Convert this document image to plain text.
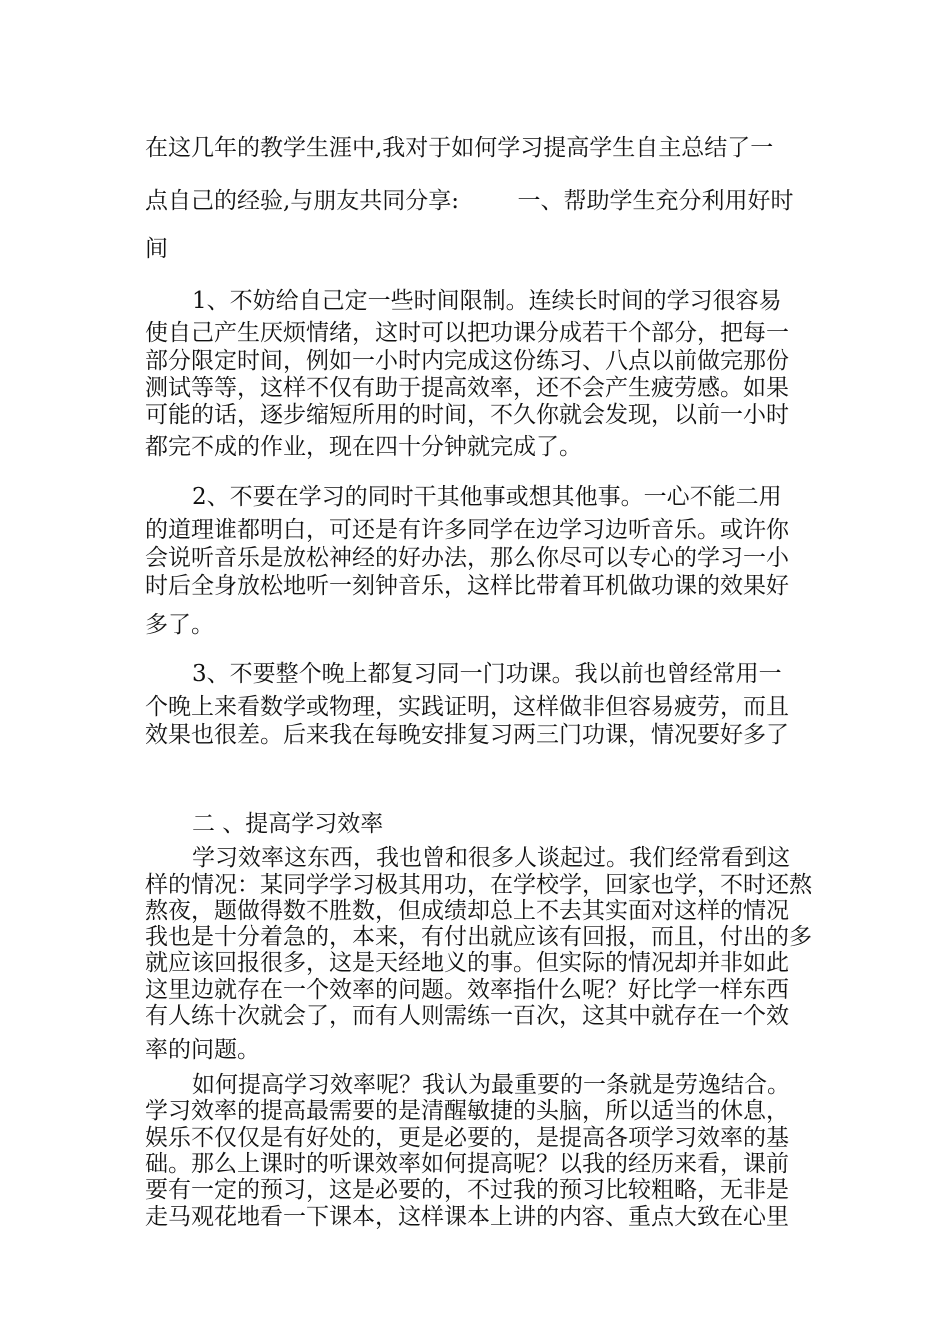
在这几年的教学生涯中,我对于如何学习提高学生自主总结了一
点自己的经验,与朋友共同分享:        一、帮助学生充分利用好时
间
1、不妨给自己定一些时间限制。连续长时间的学习很容易
使自己产生厌烦情绪，这时可以把功课分成若干个部分，把每一
部分限定时间，例如一小时内完成这份练习、八点以前做完那份
测试等等，这样不仅有助于提高效率，还不会产生疲劳感。如果
可能的话，逐步缩短所用的时间，不久你就会发现，以前一小时
都完不成的作业，现在四十分钟就完成了。
2、不要在学习的同时干其他事或想其他事。一心不能二用
的道理谁都明白，可还是有许多同学在边学习边听音乐。或许你
会说听音乐是放松神经的好办法，那么你尽可以专心的学习一小
时后全身放松地听一刻钟音乐，这样比带着耳机做功课的效果好
多了。
3、不要整个晚上都复习同一门功课。我以前也曾经常用一
个晚上来看数学或物理，实践证明，这样做非但容易疲劳，而且
效果也很差。后来我在每晚安排复习两三门功课，情况要好多了
二 、提高学习效率
学习效率这东西，我也曾和很多人谈起过。我们经常看到这
样的情况：某同学学习极其用功，在学校学，回家也学，不时还熬
熬夜，题做得数不胜数，但成绩却总上不去其实面对这样的情况
我也是十分着急的，本来，有付出就应该有回报，而且，付出的多
就应该回报很多，这是天经地义的事。但实际的情况却并非如此
这里边就存在一个效率的问题。效率指什么呢？好比学一样东西
有人练十次就会了，而有人则需练一百次，这其中就存在一个效
率的问题。
如何提高学习效率呢？我认为最重要的一条就是劳逸结合。
学习效率的提高最需要的是清醒敏捷的头脑，所以适当的休息，
娱乐不仅仅是有好处的，更是必要的，是提高各项学习效率的基
础。那么上课时的听课效率如何提高呢？以我的经历来看，课前
要有一定的预习，这是必要的，不过我的预习比较粗略，无非是
走马观花地看一下课本，这样课本上讲的内容、重点大致在心里
